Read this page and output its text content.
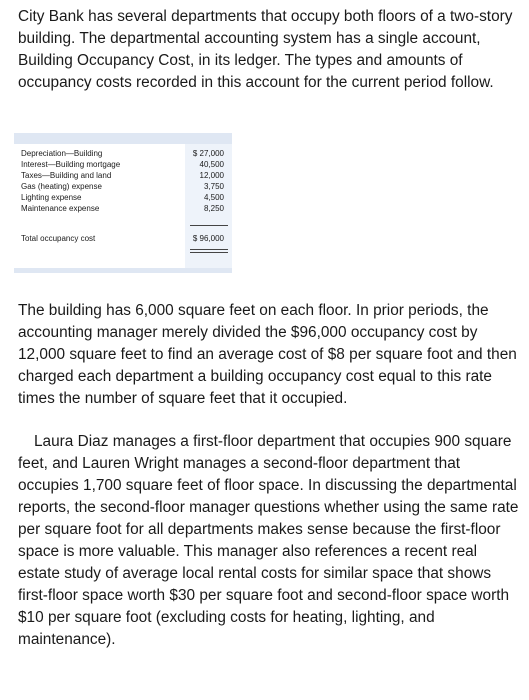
City Bank has several departments that occupy both floors of a two-story building. The departmental accounting system has a single account, Building Occupancy Cost, in its ledger. The types and amounts of occupancy costs recorded in this account for the current period follow.

Depreciation—Building	$ 27,000
Interest—Building mortgage	40,500
Taxes—Building and land	12,000
Gas (heating) expense	3,750
Lighting expense	4,500
Maintenance expense	8,250
Total occupancy cost	$ 96,000

The building has 6,000 square feet on each floor. In prior periods, the accounting manager merely divided the $96,000 occupancy cost by 12,000 square feet to find an average cost of $8 per square foot and then charged each department a building occupancy cost equal to this rate times the number of square feet that it occupied.

Laura Diaz manages a first-floor department that occupies 900 square feet, and Lauren Wright manages a second-floor department that occupies 1,700 square feet of floor space. In discussing the departmental reports, the second-floor manager questions whether using the same rate per square foot for all departments makes sense because the first-floor space is more valuable. This manager also references a recent real estate study of average local rental costs for similar space that shows first-floor space worth $30 per square foot and second-floor space worth $10 per square foot (excluding costs for heating, lighting, and maintenance).
